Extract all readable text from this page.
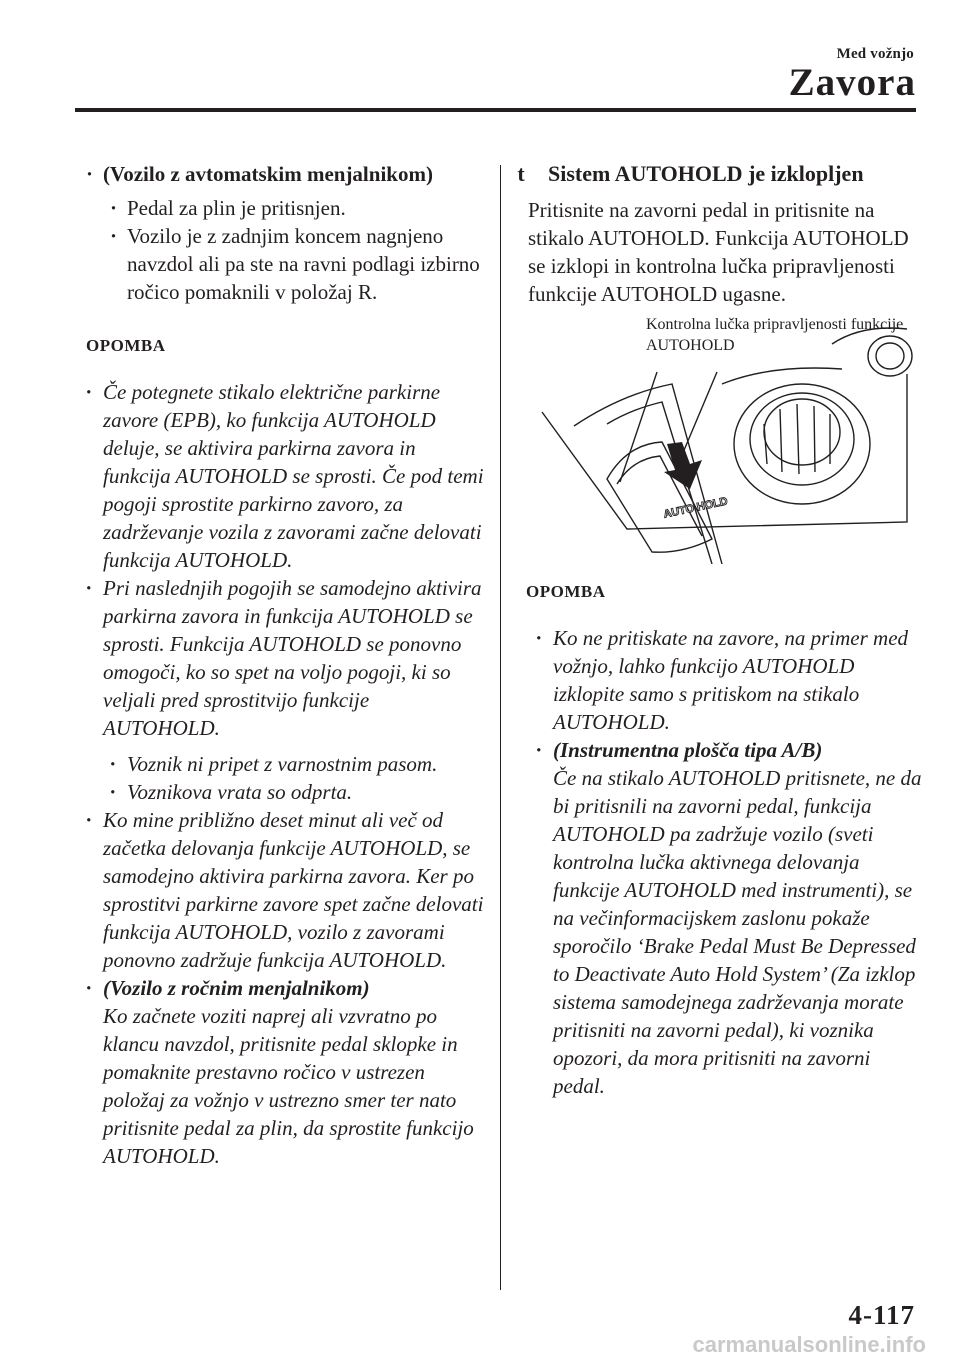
Med vožnjo
Zavora

· (Vozilo z avtomatskim menjalnikom)

· Pedal za plin je pritisnjen.

· Vozilo je z zadnjim koncem nagnjeno navzdol ali pa ste na ravni podlagi izbirno ročico pomaknili v položaj R.

OPOMBA

· Če potegnete stikalo električne parkirne zavore (EPB), ko funkcija AUTOHOLD deluje, se aktivira parkirna zavora in funkcija AUTOHOLD se sprosti. Če pod temi pogoji sprostite parkirno zavoro, za zadrževanje vozila z zavorami začne delovati funkcija AUTOHOLD.

· Pri naslednjih pogojih se samodejno aktivira parkirna zavora in funkcija AUTOHOLD se sprosti. Funkcija AUTOHOLD se ponovno omogoči, ko so spet na voljo pogoji, ki so veljali pred sprostitvijo funkcije AUTOHOLD.

· Voznik ni pripet z varnostnim pasom.

· Voznikova vrata so odprta.

· Ko mine približno deset minut ali več od začetka delovanja funkcije AUTOHOLD, se samodejno aktivira parkirna zavora. Ker po sprostitvi parkirne zavore spet začne delovati funkcija AUTOHOLD, vozilo z zavorami ponovno zadržuje funkcija AUTOHOLD.

· (Vozilo z ročnim menjalnikom)
Ko začnete voziti naprej ali vzvratno po klancu navzdol, pritisnite pedal sklopke in pomaknite prestavno ročico v ustrezen položaj za vožnjo v ustrezno smer ter nato pritisnite pedal za plin, da sprostite funkcijo AUTOHOLD.
t Sistem AUTOHOLD je izklopljen

Pritisnite na zavorni pedal in pritisnite na stikalo AUTOHOLD. Funkcija AUTOHOLD se izklopi in kontrolna lučka pripravljenosti funkcije AUTOHOLD ugasne.

AUTO HOLD
Kontrolna lučka pripravljenosti funkcije AUTOHOLD
OPOMBA

· Ko ne pritiskate na zavore, na primer med vožnjo, lahko funkcijo AUTOHOLD izklopite samo s pritiskom na stikalo AUTOHOLD.

· (Instrumentna plošča tipa A/B)
Če na stikalo AUTOHOLD pritisnete, ne da bi pritisnili na zavorni pedal, funkcija AUTOHOLD pa zadržuje vozilo (sveti kontrolna lučka aktivnega delovanja funkcije AUTOHOLD med instrumenti), se na večinformacijskem zaslonu pokaže sporočilo ‘Brake Pedal Must Be Depressed to Deactivate Auto Hold System’ (Za izklop sistema samodejnega zadrževanja morate pritisniti na zavorni pedal), ki voznika opozori, da mora pritisniti na zavorni pedal.
4-117
carmanualsonline.info
